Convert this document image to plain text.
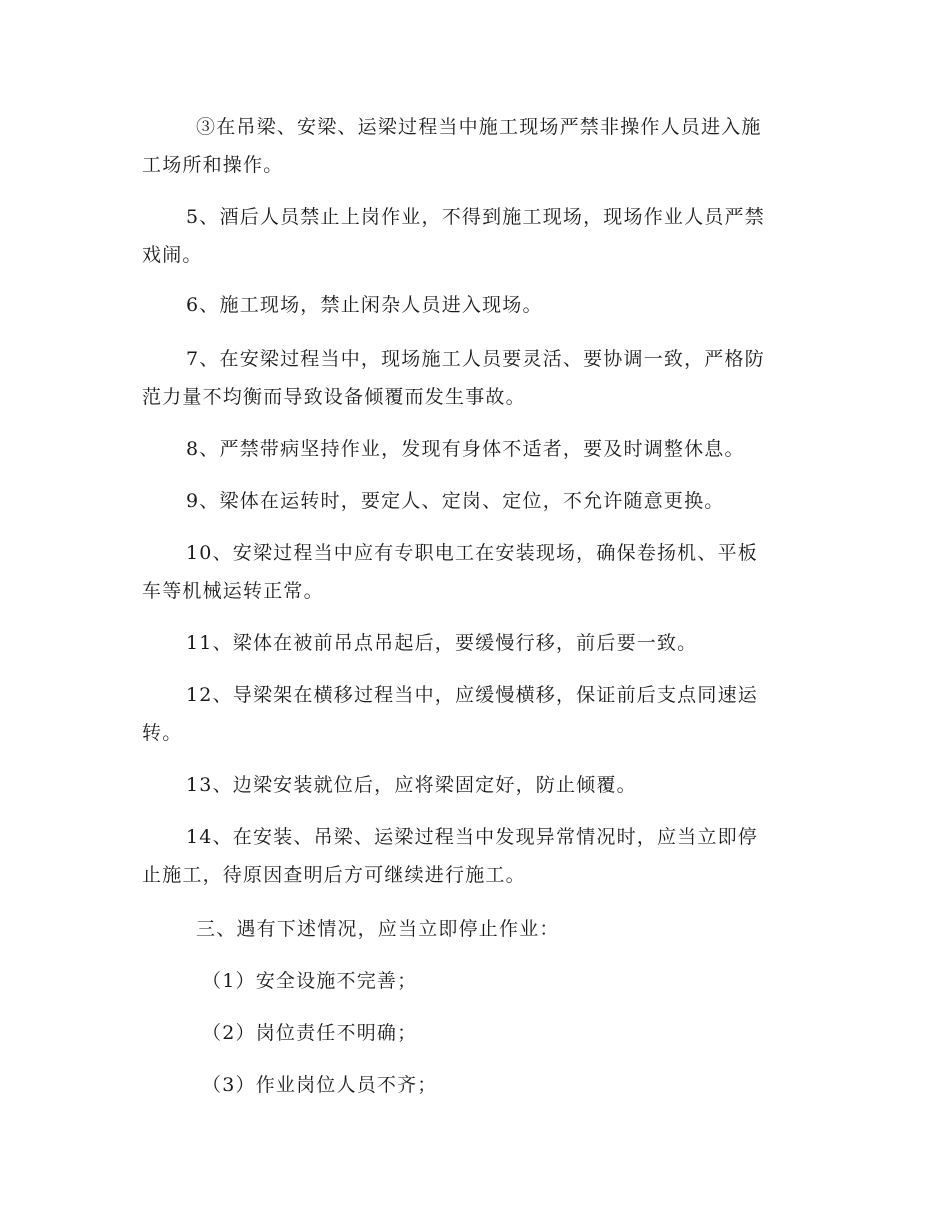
③在吊梁、安梁、运梁过程当中施工现场严禁非操作人员进入施
工场所和操作。

5、酒后人员禁止上岗作业，不得到施工现场，现场作业人员严禁
戏闹。

6、施工现场，禁止闲杂人员进入现场。

7、在安梁过程当中，现场施工人员要灵活、要协调一致，严格防
范力量不均衡而导致设备倾覆而发生事故。

8、严禁带病坚持作业，发现有身体不适者，要及时调整休息。

9、梁体在运转时，要定人、定岗、定位，不允许随意更换。

10、安梁过程当中应有专职电工在安装现场，确保卷扬机、平板
车等机械运转正常。

11、梁体在被前吊点吊起后，要缓慢行移，前后要一致。

12、导梁架在横移过程当中，应缓慢横移，保证前后支点同速运
转。

13、边梁安装就位后，应将梁固定好，防止倾覆。

14、在安装、吊梁、运梁过程当中发现异常情况时，应当立即停
止施工，待原因查明后方可继续进行施工。

三、遇有下述情况，应当立即停止作业：

（1）安全设施不完善；

（2）岗位责任不明确；

（3）作业岗位人员不齐；
